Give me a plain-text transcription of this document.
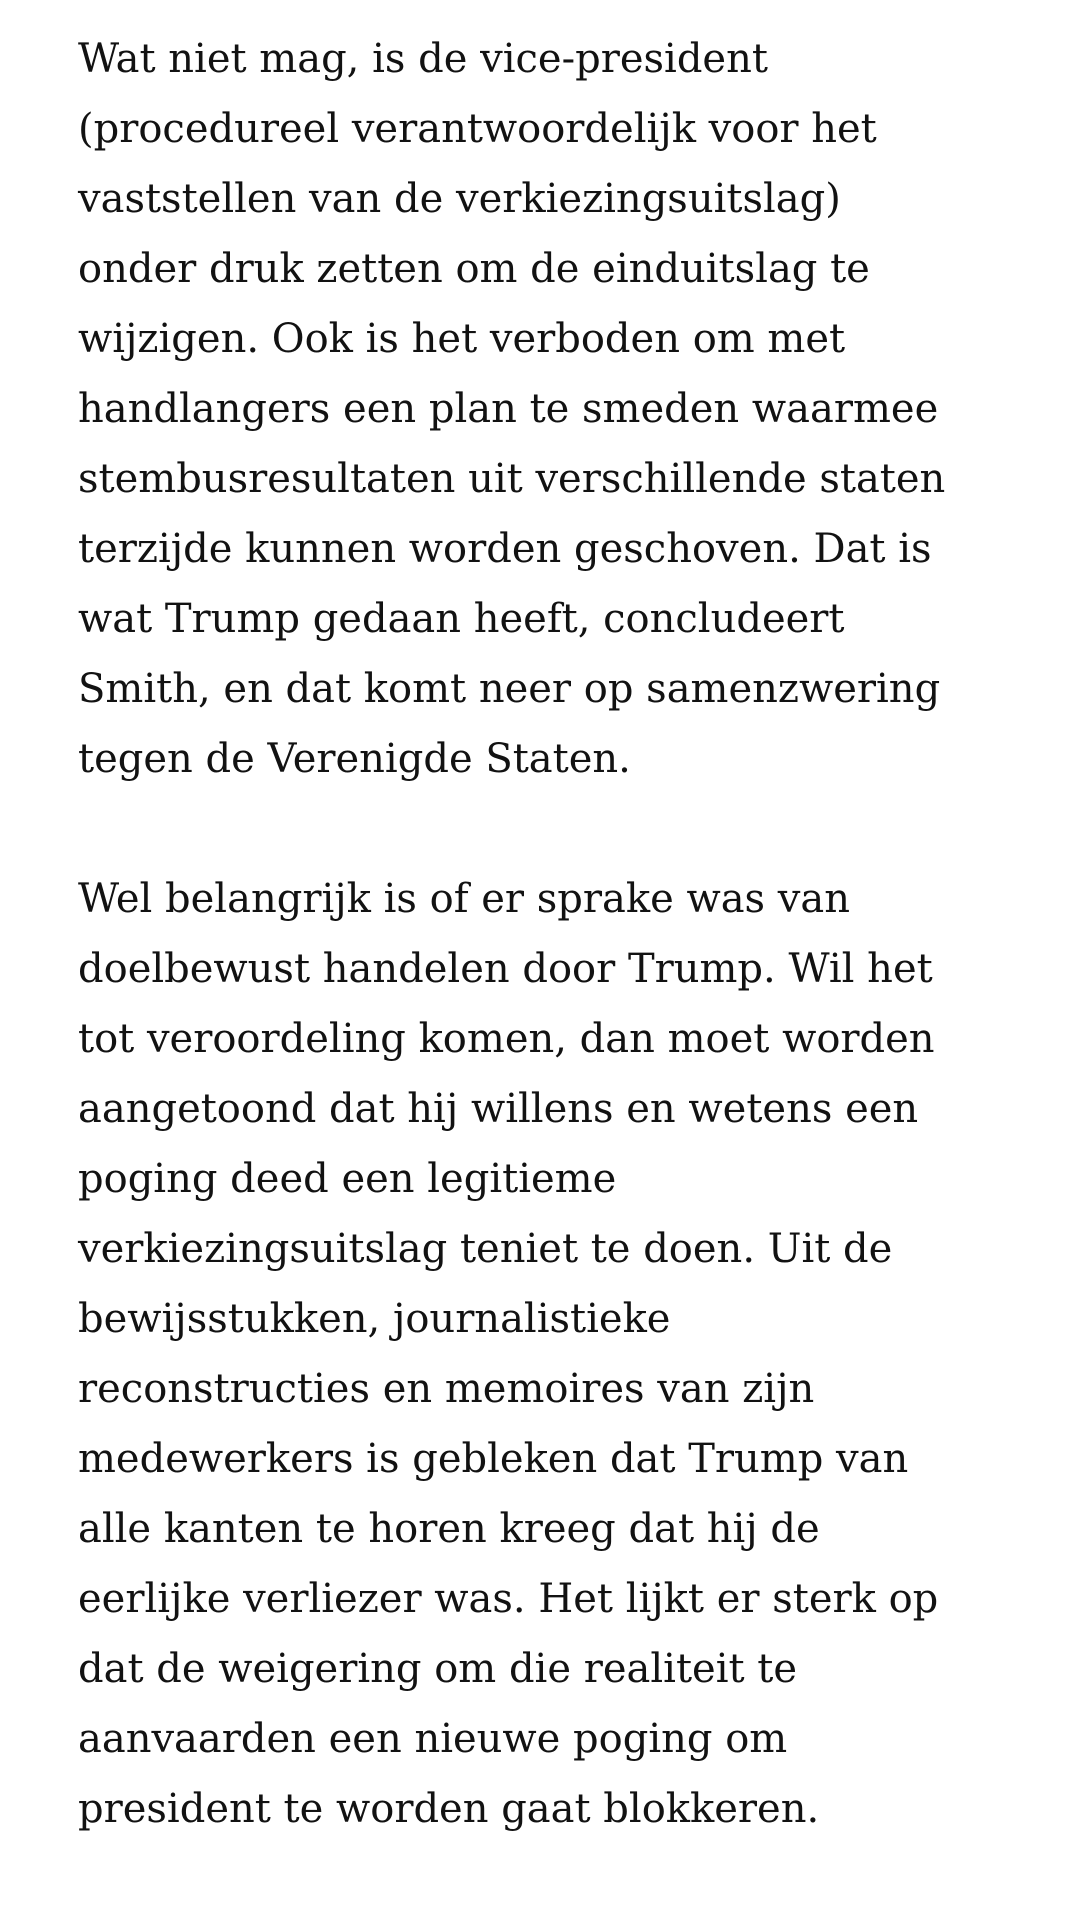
Wat niet mag, is de vice-president
(procedureel verantwoordelijk voor het
vaststellen van de verkiezingsuitslag)
onder druk zetten om de einduitslag te
wijzigen. Ook is het verboden om met
handlangers een plan te smeden waarmee
stembusresultaten uit verschillende staten
terzijde kunnen worden geschoven. Dat is
wat Trump gedaan heeft, concludeert
Smith, en dat komt neer op samenzwering
tegen de Verenigde Staten.

Wel belangrijk is of er sprake was van
doelbewust handelen door Trump. Wil het
tot veroordeling komen, dan moet worden
aangetoond dat hij willens en wetens een
poging deed een legitieme
verkiezingsuitslag teniet te doen. Uit de
bewijsstukken, journalistieke
reconstructies en memoires van zijn
medewerkers is gebleken dat Trump van
alle kanten te horen kreeg dat hij de
eerlijke verliezer was. Het lijkt er sterk op
dat de weigering om die realiteit te
aanvaarden een nieuwe poging om
president te worden gaat blokkeren.
